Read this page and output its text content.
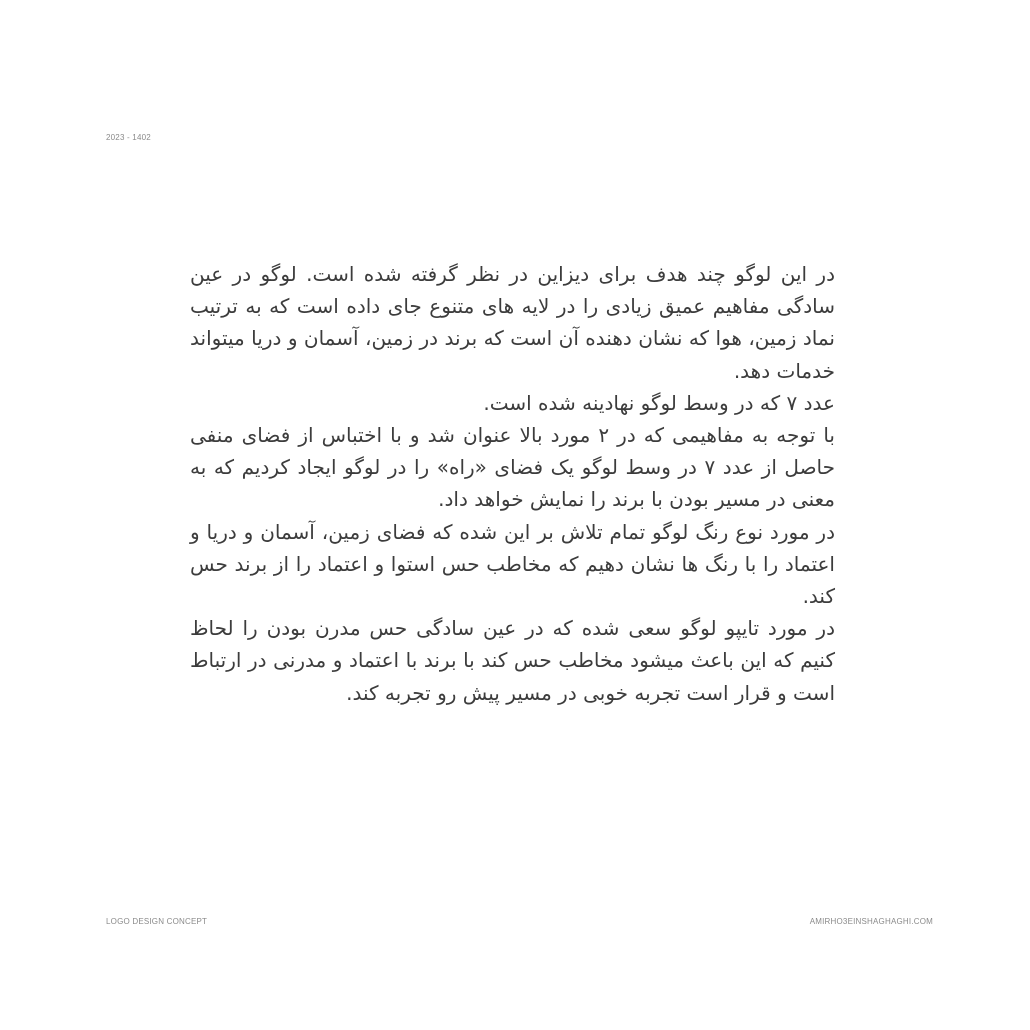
2023 - 1402

در این لوگو چند هدف برای دیزاین در نظر گرفته شده است. لوگو در عین سادگی مفاهیم عمیق زیادی را در لایه های متنوع جای داده است که به ترتیب نماد زمین، هوا که نشان دهنده آن است که برند در زمین، آسمان و دریا میتواند خدمات دهد.

عدد ۷ که در وسط لوگو نهادینه شده است.

با توجه به مفاهیمی که در ۲ مورد بالا عنوان شد و با اختباس از فضای منفی حاصل از عدد ۷ در وسط لوگو یک فضای «راه» را در لوگو ایجاد کردیم که به معنی در مسیر بودن با برند را نمایش خواهد داد.

در مورد نوع رنگ لوگو تمام تلاش بر این شده که فضای زمین، آسمان و دریا و اعتماد را با رنگ ها نشان دهیم که مخاطب حس استوا و اعتماد را از برند حس کند.

در مورد تایپو لوگو سعی شده که در عین سادگی حس مدرن بودن را لحاظ کنیم که این باعث میشود مخاطب حس کند با برند با اعتماد و مدرنی در ارتباط است و قرار است تجربه خوبی در مسیر پیش رو تجربه کند.

LOGO DESIGN CONCEPT	AMIRHO3EINSHAGHAGHI.COM
